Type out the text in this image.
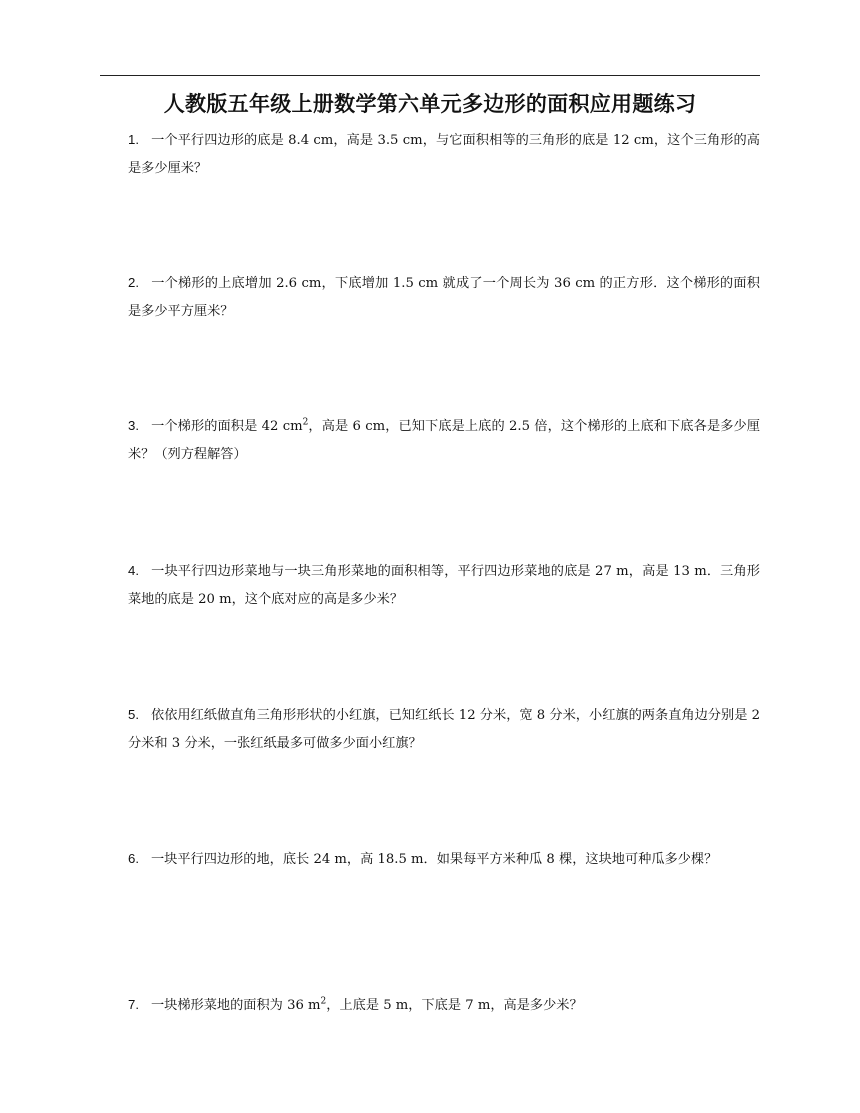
人教版五年级上册数学第六单元多边形的面积应用题练习
1. 一个平行四边形的底是 8.4 cm，高是 3.5 cm，与它面积相等的三角形的底是 12 cm，这个三角形的高是多少厘米？
2. 一个梯形的上底增加 2.6 cm，下底增加 1.5 cm 就成了一个周长为 36 cm 的正方形．这个梯形的面积是多少平方厘米？
3. 一个梯形的面积是 42 $cm^2$，高是 6 cm，已知下底是上底的 2.5 倍，这个梯形的上底和下底各是多少厘米？（列方程解答）
4. 一块平行四边形菜地与一块三角形菜地的面积相等，平行四边形菜地的底是 27 m，高是 13 m．三角形菜地的底是 20 m，这个底对应的高是多少米？
5. 依依用红纸做直角三角形形状的小红旗，已知红纸长 12 分米，宽 8 分米，小红旗的两条直角边分别是 2 分米和 3 分米，一张红纸最多可做多少面小红旗？
6. 一块平行四边形的地，底长 24 m，高 18.5 m．如果每平方米种瓜 8 棵，这块地可种瓜多少棵？
7. 一块梯形菜地的面积为 36 $m^2$，上底是 5 m，下底是 7 m，高是多少米？
